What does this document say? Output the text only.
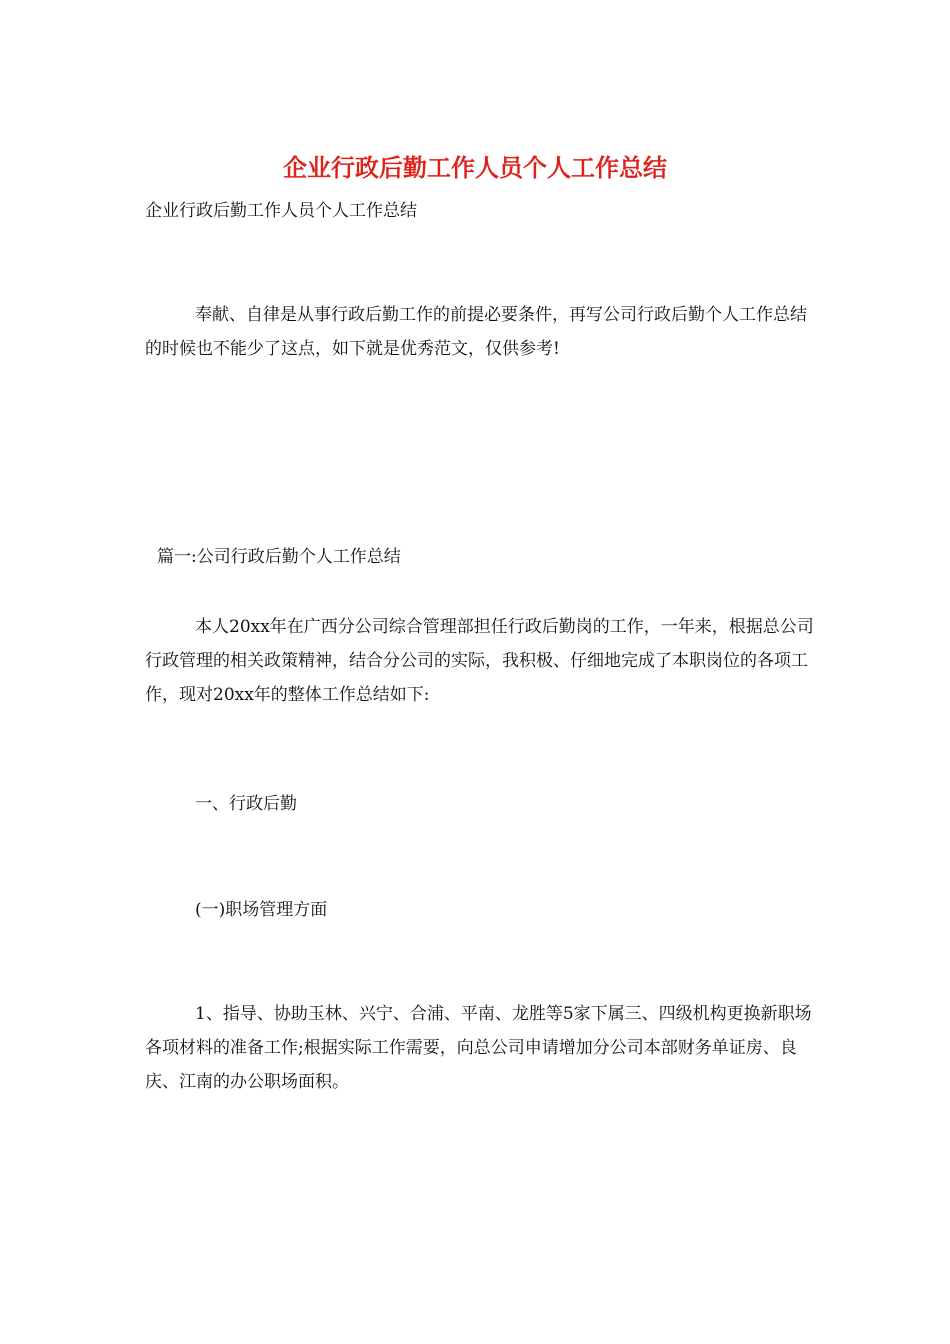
企业行政后勤工作人员个人工作总结

企业行政后勤工作人员个人工作总结

奉献、自律是从事行政后勤工作的前提必要条件，再写公司行政后勤个人工作总结的时候也不能少了这点，如下就是优秀范文，仅供参考!

篇一:公司行政后勤个人工作总结

本人20xx年在广西分公司综合管理部担任行政后勤岗的工作，一年来，根据总公司行政管理的相关政策精神，结合分公司的实际，我积极、仔细地完成了本职岗位的各项工作，现对20xx年的整体工作总结如下:

一、行政后勤

(一)职场管理方面

1、指导、协助玉林、兴宁、合浦、平南、龙胜等5家下属三、四级机构更换新职场各项材料的准备工作;根据实际工作需要，向总公司申请增加分公司本部财务单证房、良庆、江南的办公职场面积。
